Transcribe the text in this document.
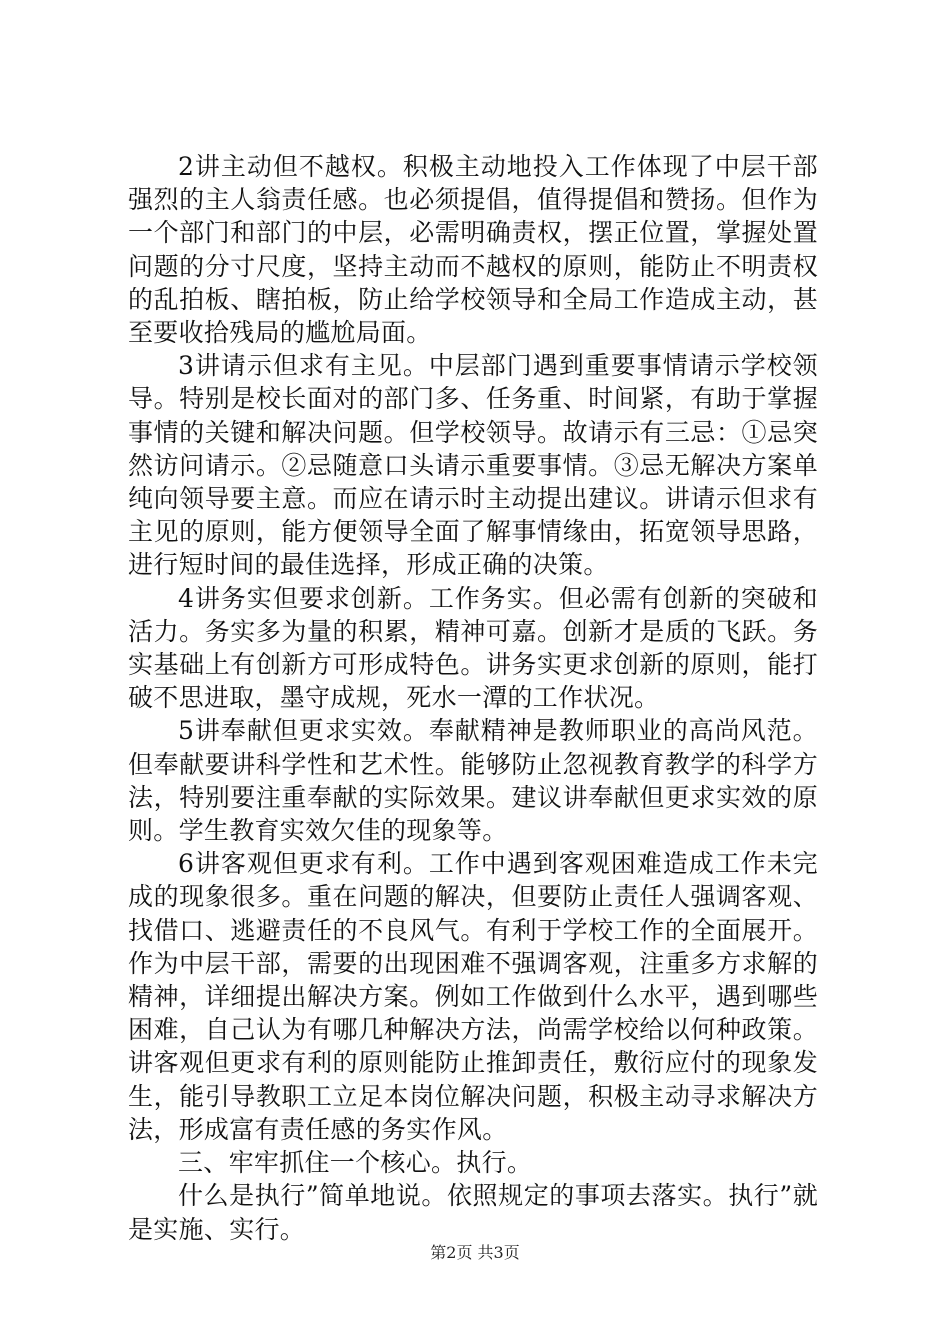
2讲主动但不越权。积极主动地投入工作体现了中层干部强烈的主人翁责任感。也必须提倡，值得提倡和赞扬。但作为一个部门和部门的中层，必需明确责权，摆正位置，掌握处置问题的分寸尺度，坚持主动而不越权的原则，能防止不明责权的乱拍板、瞎拍板，防止给学校领导和全局工作造成主动，甚至要收拾残局的尴尬局面。

3讲请示但求有主见。中层部门遇到重要事情请示学校领导。特别是校长面对的部门多、任务重、时间紧，有助于掌握事情的关键和解决问题。但学校领导。故请示有三忌：①忌突然访问请示。②忌随意口头请示重要事情。③忌无解决方案单纯向领导要主意。而应在请示时主动提出建议。讲请示但求有主见的原则，能方便领导全面了解事情缘由，拓宽领导思路，进行短时间的最佳选择，形成正确的决策。

4讲务实但要求创新。工作务实。但必需有创新的突破和活力。务实多为量的积累，精神可嘉。创新才是质的飞跃。务实基础上有创新方可形成特色。讲务实更求创新的原则，能打破不思进取，墨守成规，死水一潭的工作状况。

5讲奉献但更求实效。奉献精神是教师职业的高尚风范。但奉献要讲科学性和艺术性。能够防止忽视教育教学的科学方法，特别要注重奉献的实际效果。建议讲奉献但更求实效的原则。学生教育实效欠佳的现象等。

6讲客观但更求有利。工作中遇到客观困难造成工作未完成的现象很多。重在问题的解决，但要防止责任人强调客观、找借口、逃避责任的不良风气。有利于学校工作的全面展开。作为中层干部，需要的出现困难不强调客观，注重多方求解的精神，详细提出解决方案。例如工作做到什么水平，遇到哪些困难，自己认为有哪几种解决方法，尚需学校给以何种政策。讲客观但更求有利的原则能防止推卸责任，敷衍应付的现象发生，能引导教职工立足本岗位解决问题，积极主动寻求解决方法，形成富有责任感的务实作风。

三、牢牢抓住一个核心。执行。

什么是执行”简单地说。依照规定的事项去落实。执行”就是实施、实行。

第2页 共3页
